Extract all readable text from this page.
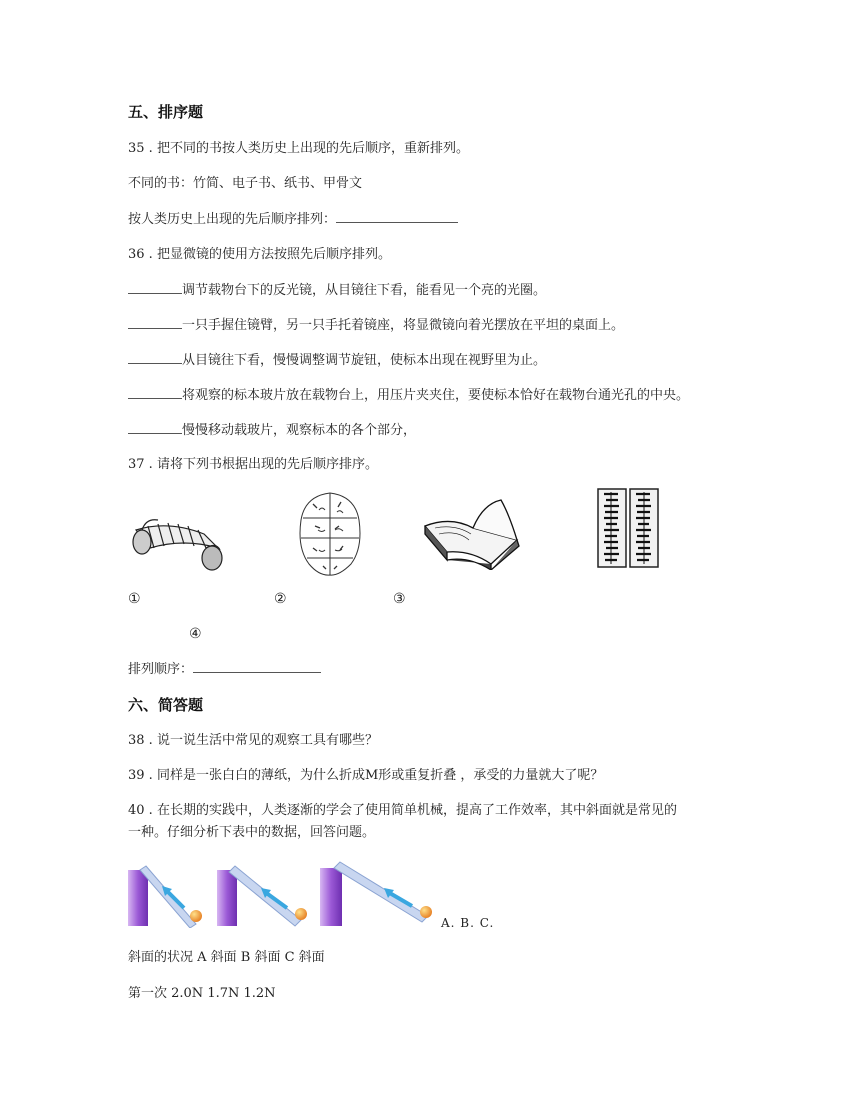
五、排序题
35 . 把不同的书按人类历史上出现的先后顺序，重新排列。
不同的书：竹简、电子书、纸书、甲骨文
按人类历史上出现的先后顺序排列：
36 . 把显微镜的使用方法按照先后顺序排列。
调节载物台下的反光镜，从目镜往下看，能看见一个亮的光圈。
一只手握住镜臂，另一只手托着镜座，将显微镜向着光摆放在平坦的桌面上。
从目镜往下看，慢慢调整调节旋钮，使标本出现在视野里为止。
将观察的标本玻片放在载物台上，用压片夹夹住，要使标本恰好在载物台通光孔的中央。
慢慢移动载玻片，观察标本的各个部分，
37 . 请将下列书根据出现的先后顺序排序。
①	②	③
④
排列顺序：
六、简答题
38 . 说一说生活中常见的观察工具有哪些？
39 . 同样是一张白白的薄纸，为什么折成M形或重复折叠 ，承受的力量就大了呢？
40 . 在长期的实践中，人类逐渐的学会了使用简单机械，提高了工作效率，其中斜面就是常见的
一种。仔细分析下表中的数据，回答问题。
A. B. C.
斜面的状况 A 斜面 B 斜面 C 斜面
第一次 2.0N 1.7N 1.2N
